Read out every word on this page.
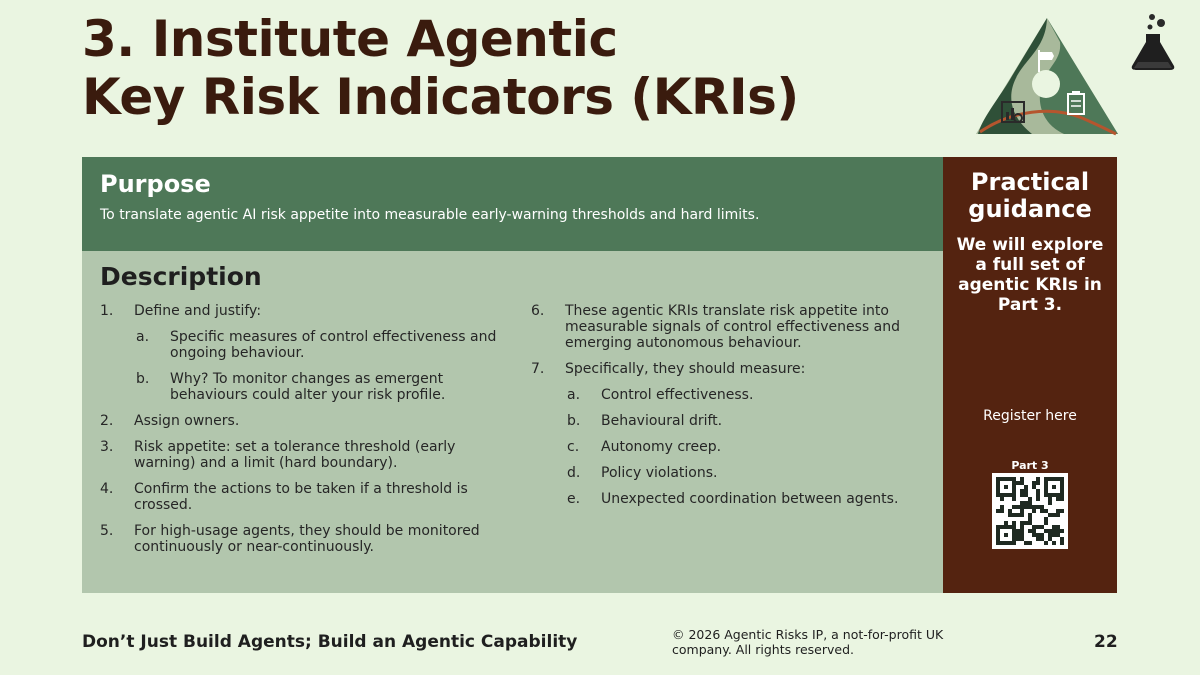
3. Institute Agentic
Key Risk Indicators (KRIs)
Purpose

To translate agentic AI risk appetite into measurable early-warning thresholds and hard limits.

Description
1. Define and justify:
a. Specific measures of control effectiveness and ongoing behaviour.
b. Why? To monitor changes as emergent behaviours could alter your risk profile.
2. Assign owners.
3. Risk appetite: set a tolerance threshold (early warning) and a limit (hard boundary).
4. Confirm the actions to be taken if a threshold is crossed.
5. For high-usage agents, they should be monitored continuously or near-continuously.
6. These agentic KRIs translate risk appetite into measurable signals of control effectiveness and emerging autonomous behaviour.
7. Specifically, they should measure:
a. Control effectiveness.
b. Behavioural drift.
c. Autonomy creep.
d. Policy violations.
e. Unexpected coordination between agents.
Practical
guidance
We will explore a full set of agentic KRIs in Part 3.
Register here
Part 3
Don’t Just Build Agents; Build an Agentic Capability	© 2026 Agentic Risks IP, a not-for-profit UK company. All rights reserved.	22
